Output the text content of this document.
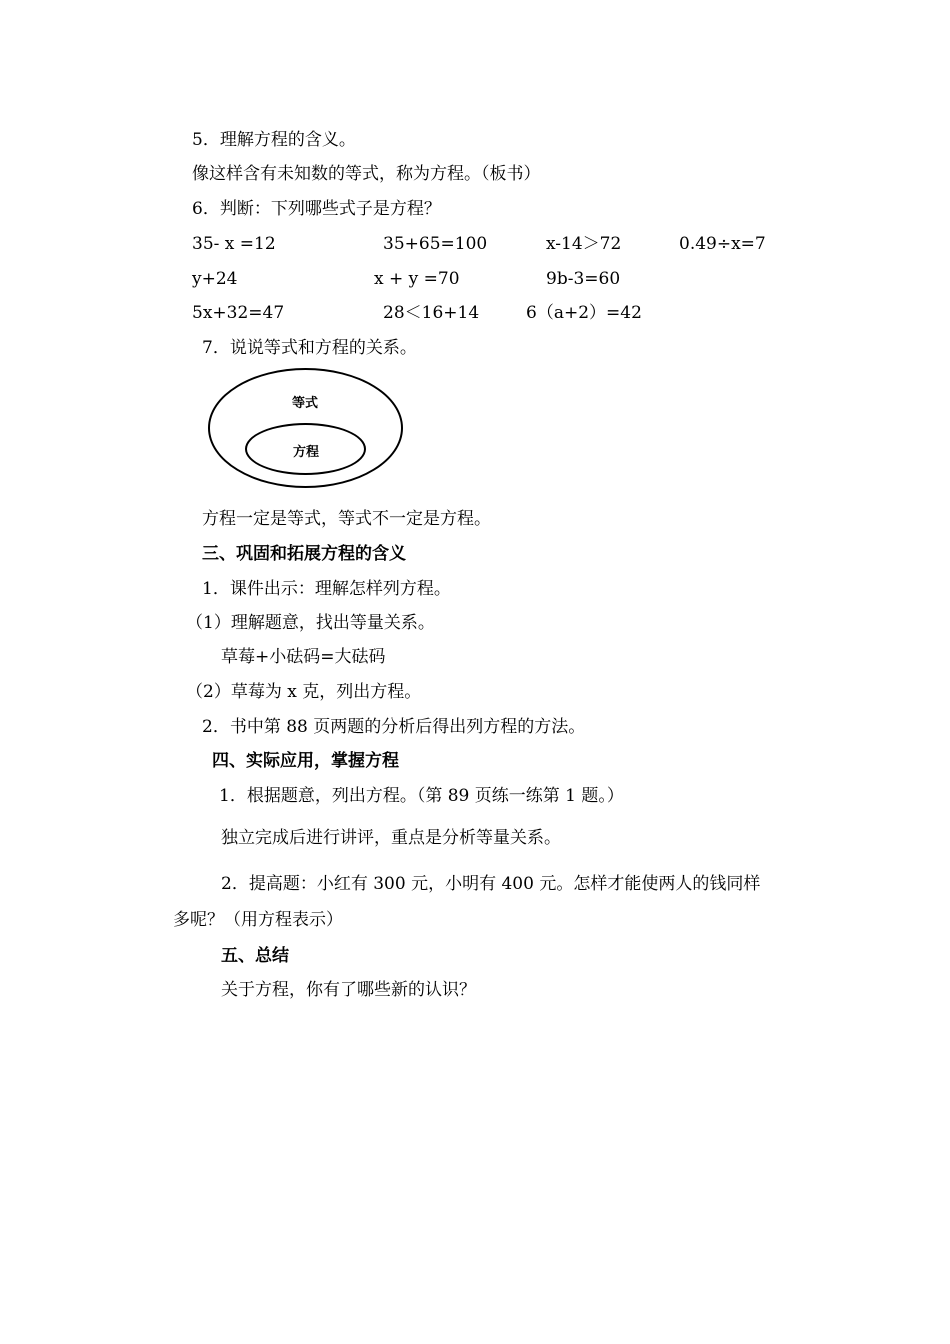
5．理解方程的含义。
像这样含有未知数的等式，称为方程。（板书）
6．判断：下列哪些式子是方程？
35- x =12	35+65=100	x-14＞72	0.49÷x=7
y+24	x + y =70	9b-3=60
5x+32=47	28＜16+14	6（a+2）=42
7．说说等式和方程的关系。
等式
方程
方程一定是等式，等式不一定是方程。
三、巩固和拓展方程的含义
1．课件出示：理解怎样列方程。
（1）理解题意，找出等量关系。
草莓+小砝码=大砝码
（2）草莓为 x 克，列出方程。
2．书中第 88 页两题的分析后得出列方程的方法。
四、实际应用，掌握方程
1．根据题意，列出方程。（第 89 页练一练第 1 题。）
独立完成后进行讲评，重点是分析等量关系。
2．提高题：小红有 300 元，小明有 400 元。怎样才能使两人的钱同样
多呢？（用方程表示）
五、总结
关于方程，你有了哪些新的认识？
